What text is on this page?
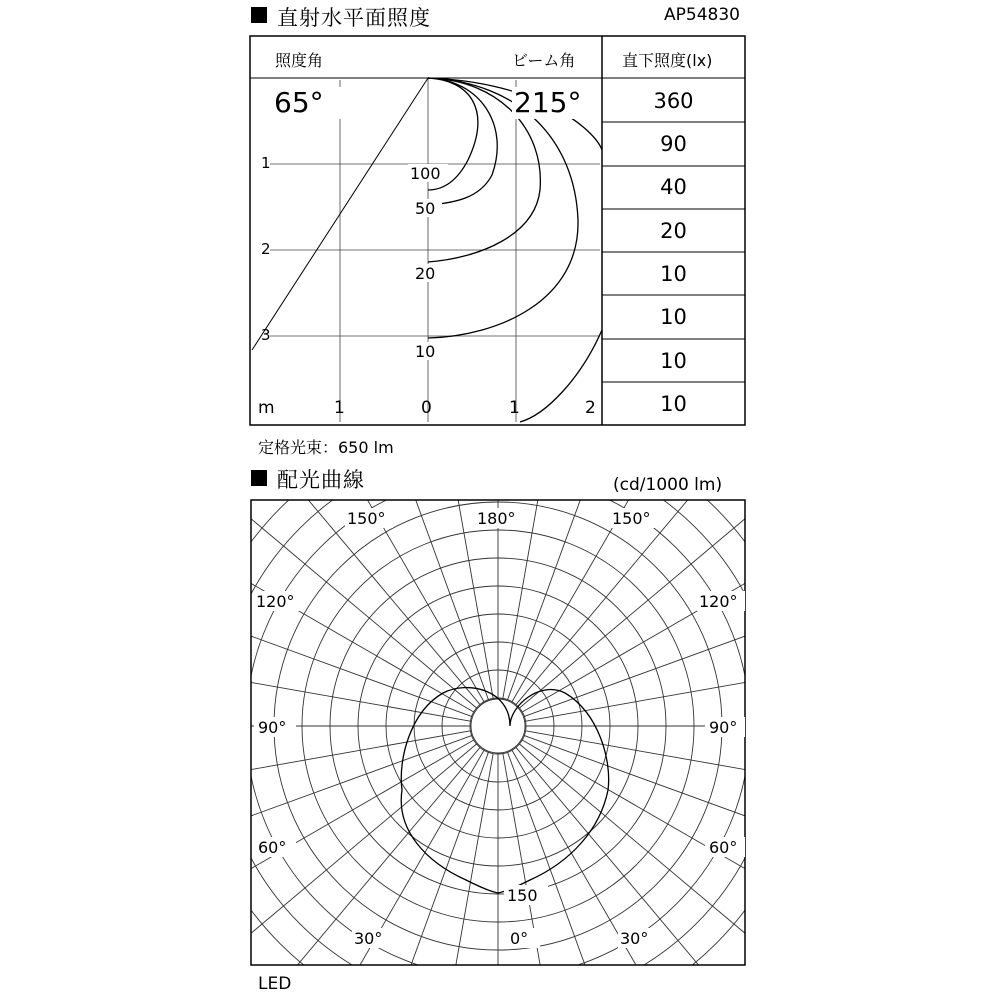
直射水平面照度	AP54830
照度角	ビーム角	直下照度(lx)
65°	215°
1
2
3
m	1	0	1	2
100
50
20
10
360
90
40
20
10
10
10
10
定格光束：650 lm
配光曲線	(cd/1000 lm)
150°	180°	150°
120°	120°
90°	90°
60°	60°
30°	0°	30°
150
LED
